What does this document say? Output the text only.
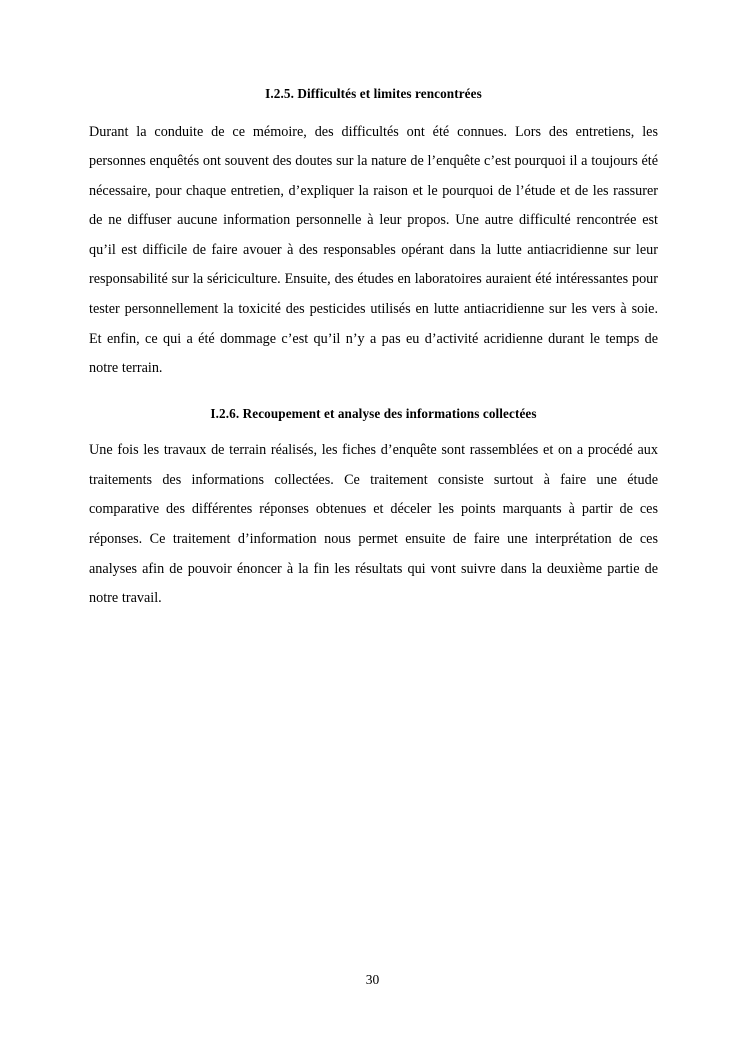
I.2.5. Difficultés et limites rencontrées

Durant la conduite de ce mémoire, des difficultés ont été connues. Lors des entretiens, les personnes enquêtés ont souvent des doutes sur la nature de l’enquête c’est pourquoi il a toujours été nécessaire, pour chaque entretien, d’expliquer la raison et le pourquoi de l’étude et de les rassurer de ne diffuser aucune information personnelle à leur propos. Une autre difficulté rencontrée est qu’il est difficile de faire avouer à des responsables opérant dans la lutte antiacridienne sur leur responsabilité sur la sériciculture. Ensuite, des études en laboratoires auraient été intéressantes pour tester personnellement la toxicité des pesticides utilisés en lutte antiacridienne sur les vers à soie. Et enfin, ce qui a été dommage c’est qu’il n’y a pas eu d’activité acridienne durant le temps de notre terrain.

I.2.6. Recoupement et analyse des informations collectées

Une fois les travaux de terrain réalisés, les fiches d’enquête sont rassemblées et on a procédé aux traitements des informations collectées. Ce traitement consiste surtout à faire une étude comparative des différentes réponses obtenues et déceler les points marquants à partir de ces réponses. Ce traitement d’information nous permet ensuite de faire une interprétation de ces analyses afin de pouvoir énoncer à la fin les résultats qui vont suivre dans la deuxième partie de notre travail.

30
